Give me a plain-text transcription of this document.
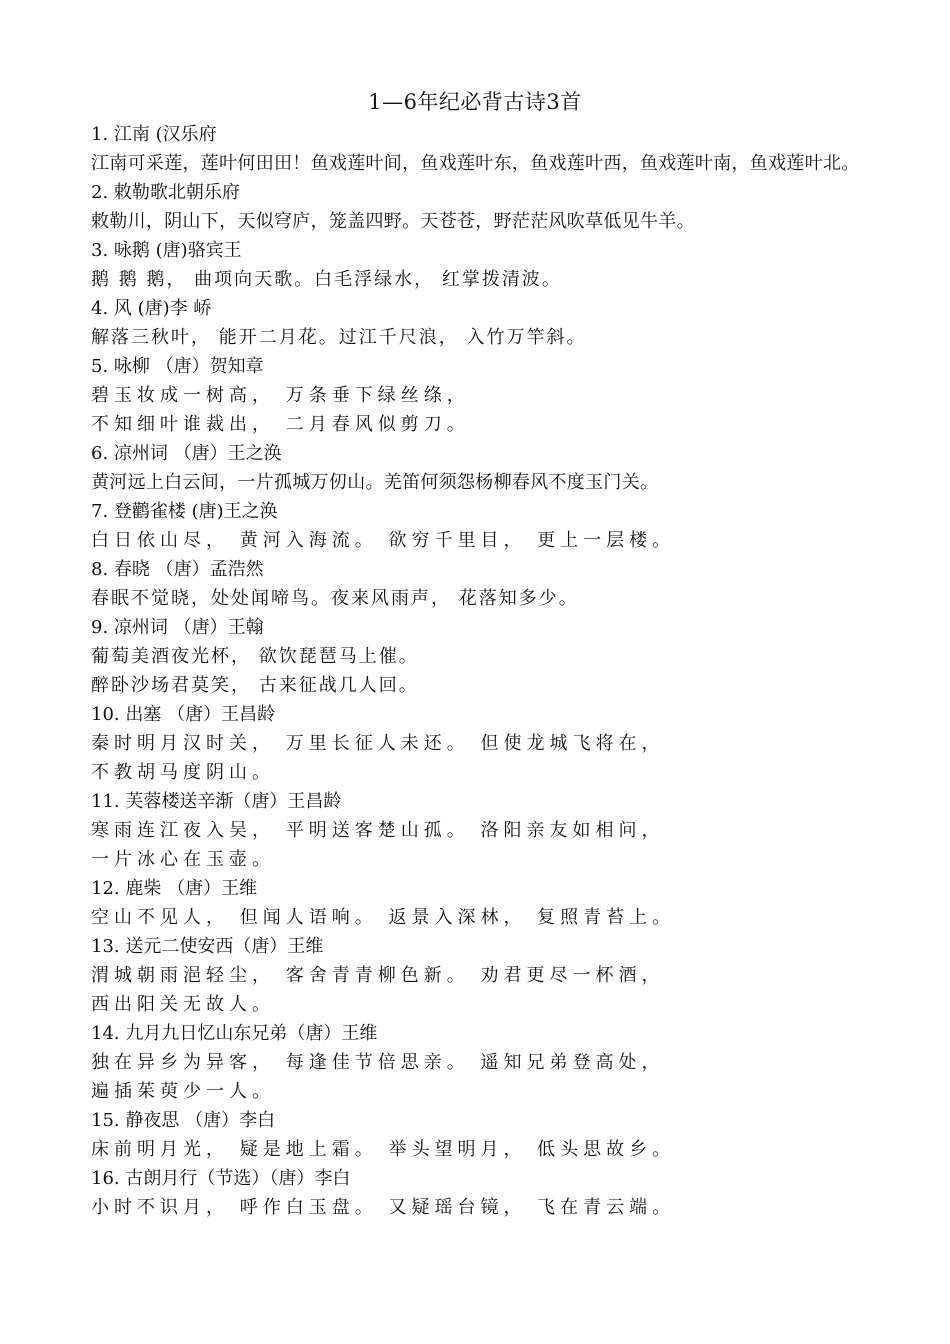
1—6年纪必背古诗3首
1. 江南 (汉乐府
江南可采莲，莲叶何田田！鱼戏莲叶间，鱼戏莲叶东，鱼戏莲叶西，鱼戏莲叶南，鱼戏莲叶北。
2. 敕勒歌北朝乐府
敕勒川，阴山下，天似穹庐，笼盖四野。天苍苍，野茫茫风吹草低见牛羊。
3. 咏鹅 (唐)骆宾王
鹅 鹅 鹅， 曲项向天歌。白毛浮绿水， 红掌拨清波。
4. 风 (唐)李 峤
解落三秋叶， 能开二月花。过江千尺浪， 入竹万竿斜。
5. 咏柳 （唐）贺知章
碧玉妆成一树高， 万条垂下绿丝绦，
不知细叶谁裁出， 二月春风似剪刀。
6. 凉州词 （唐）王之涣
黄河远上白云间，一片孤城万仞山。羌笛何须怨杨柳春风不度玉门关。
7. 登鹳雀楼 (唐)王之涣
白日依山尽， 黄河入海流。 欲穷千里目， 更上一层楼。
8. 春晓 （唐）孟浩然
春眠不觉晓，处处闻啼鸟。夜来风雨声， 花落知多少。
9. 凉州词 （唐）王翰
葡萄美酒夜光杯， 欲饮琵琶马上催。
醉卧沙场君莫笑， 古来征战几人回。
10. 出塞 （唐）王昌龄
秦时明月汉时关， 万里长征人未还。 但使龙城飞将在，
不教胡马度阴山。
11. 芙蓉楼送辛渐（唐）王昌龄
寒雨连江夜入吴， 平明送客楚山孤。 洛阳亲友如相问，
一片冰心在玉壶。
12. 鹿柴 （唐）王维
空山不见人， 但闻人语响。 返景入深林， 复照青苔上。
13. 送元二使安西（唐）王维
渭城朝雨浥轻尘， 客舍青青柳色新。 劝君更尽一杯酒，
西出阳关无故人。
14. 九月九日忆山东兄弟（唐）王维
独在异乡为异客， 每逢佳节倍思亲。 遥知兄弟登高处，
遍插茱萸少一人。
15. 静夜思 （唐）李白
床前明月光， 疑是地上霜。 举头望明月， 低头思故乡。
16. 古朗月行（节选）（唐）李白
小时不识月， 呼作白玉盘。 又疑瑶台镜， 飞在青云端。
